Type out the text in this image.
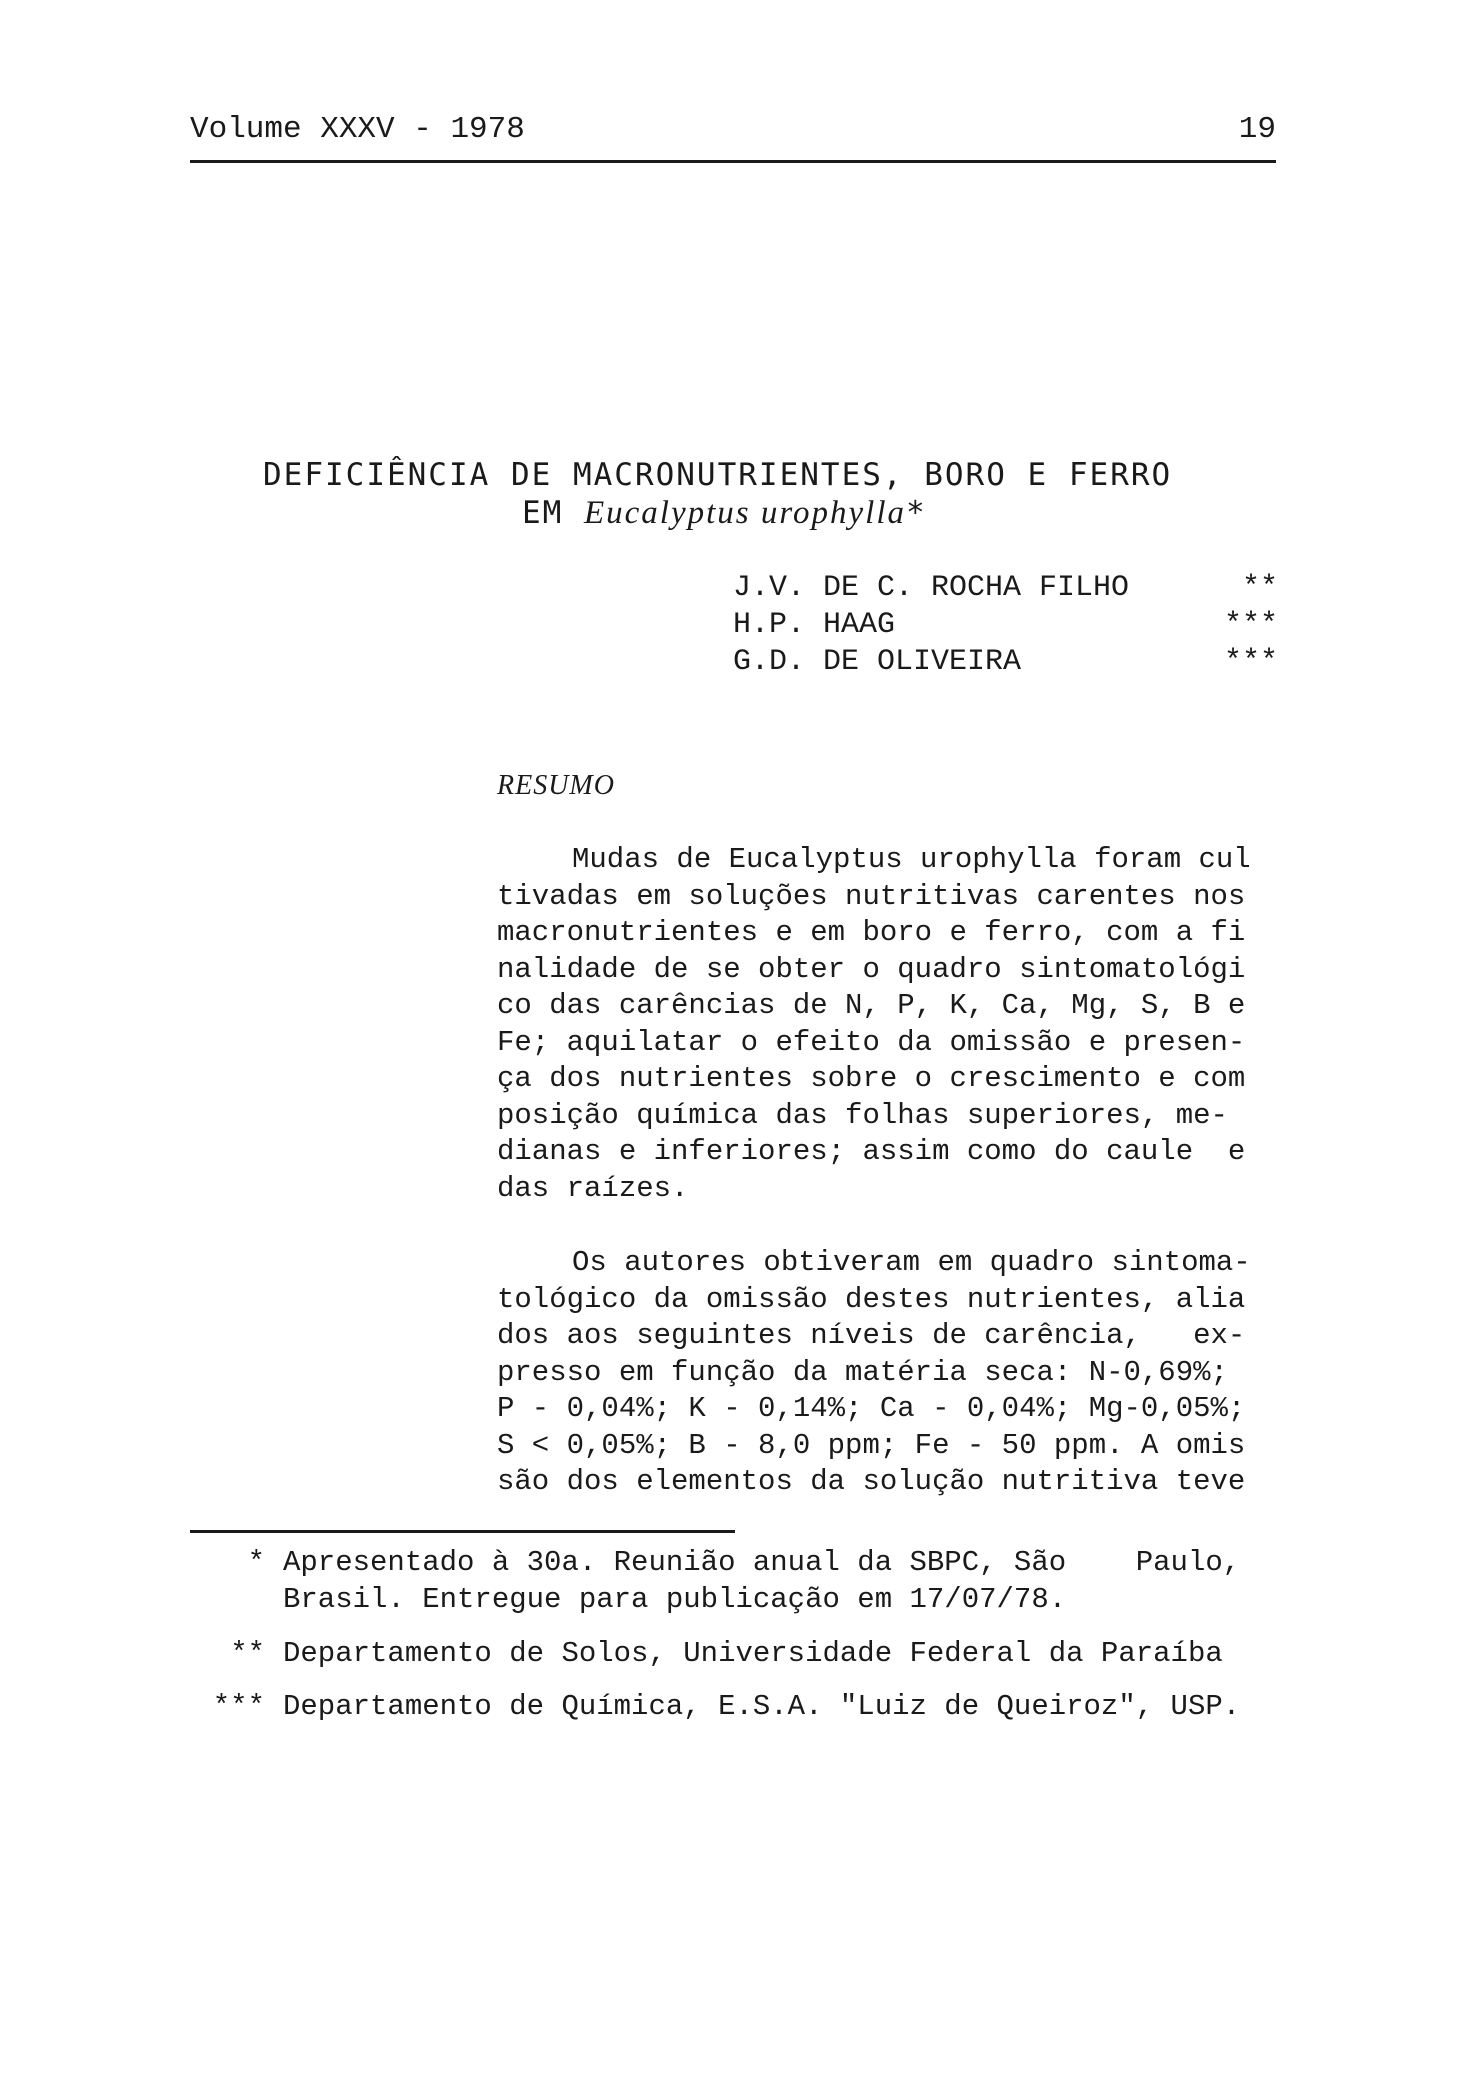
Volume XXXV - 1978	19
DEFICIÊNCIA DE MACRONUTRIENTES, BORO E FERRO
EM Eucalyptus urophylla*
J.V. DE C. ROCHA FILHO	**
H.P. HAAG	***
G.D. DE OLIVEIRA	***
RESUMO
Mudas de Eucalyptus urophylla foram cul
tivadas em soluções nutritivas carentes nos
macronutrientes e em boro e ferro, com a fi
nalidade de se obter o quadro sintomatológi
co das carências de N, P, K, Ca, Mg, S, B e
Fe; aquilatar o efeito da omissão e presen-
ça dos nutrientes sobre o crescimento e com
posição química das folhas superiores, me-
dianas e inferiores; assim como do caule  e
das raízes.
Os autores obtiveram em quadro sintoma-
tológico da omissão destes nutrientes, alia
dos aos seguintes níveis de carência,   ex-
presso em função da matéria seca: N-0,69%;
P - 0,04%; K - 0,14%; Ca - 0,04%; Mg-0,05%;
S < 0,05%; B - 8,0 ppm; Fe - 50 ppm. A omis
são dos elementos da solução nutritiva teve
* Apresentado à 30a. Reunião anual da SBPC, São    Paulo,
Brasil. Entregue para publicação em 17/07/78.
** Departamento de Solos, Universidade Federal da Paraíba
*** Departamento de Química, E.S.A. "Luiz de Queiroz", USP.
